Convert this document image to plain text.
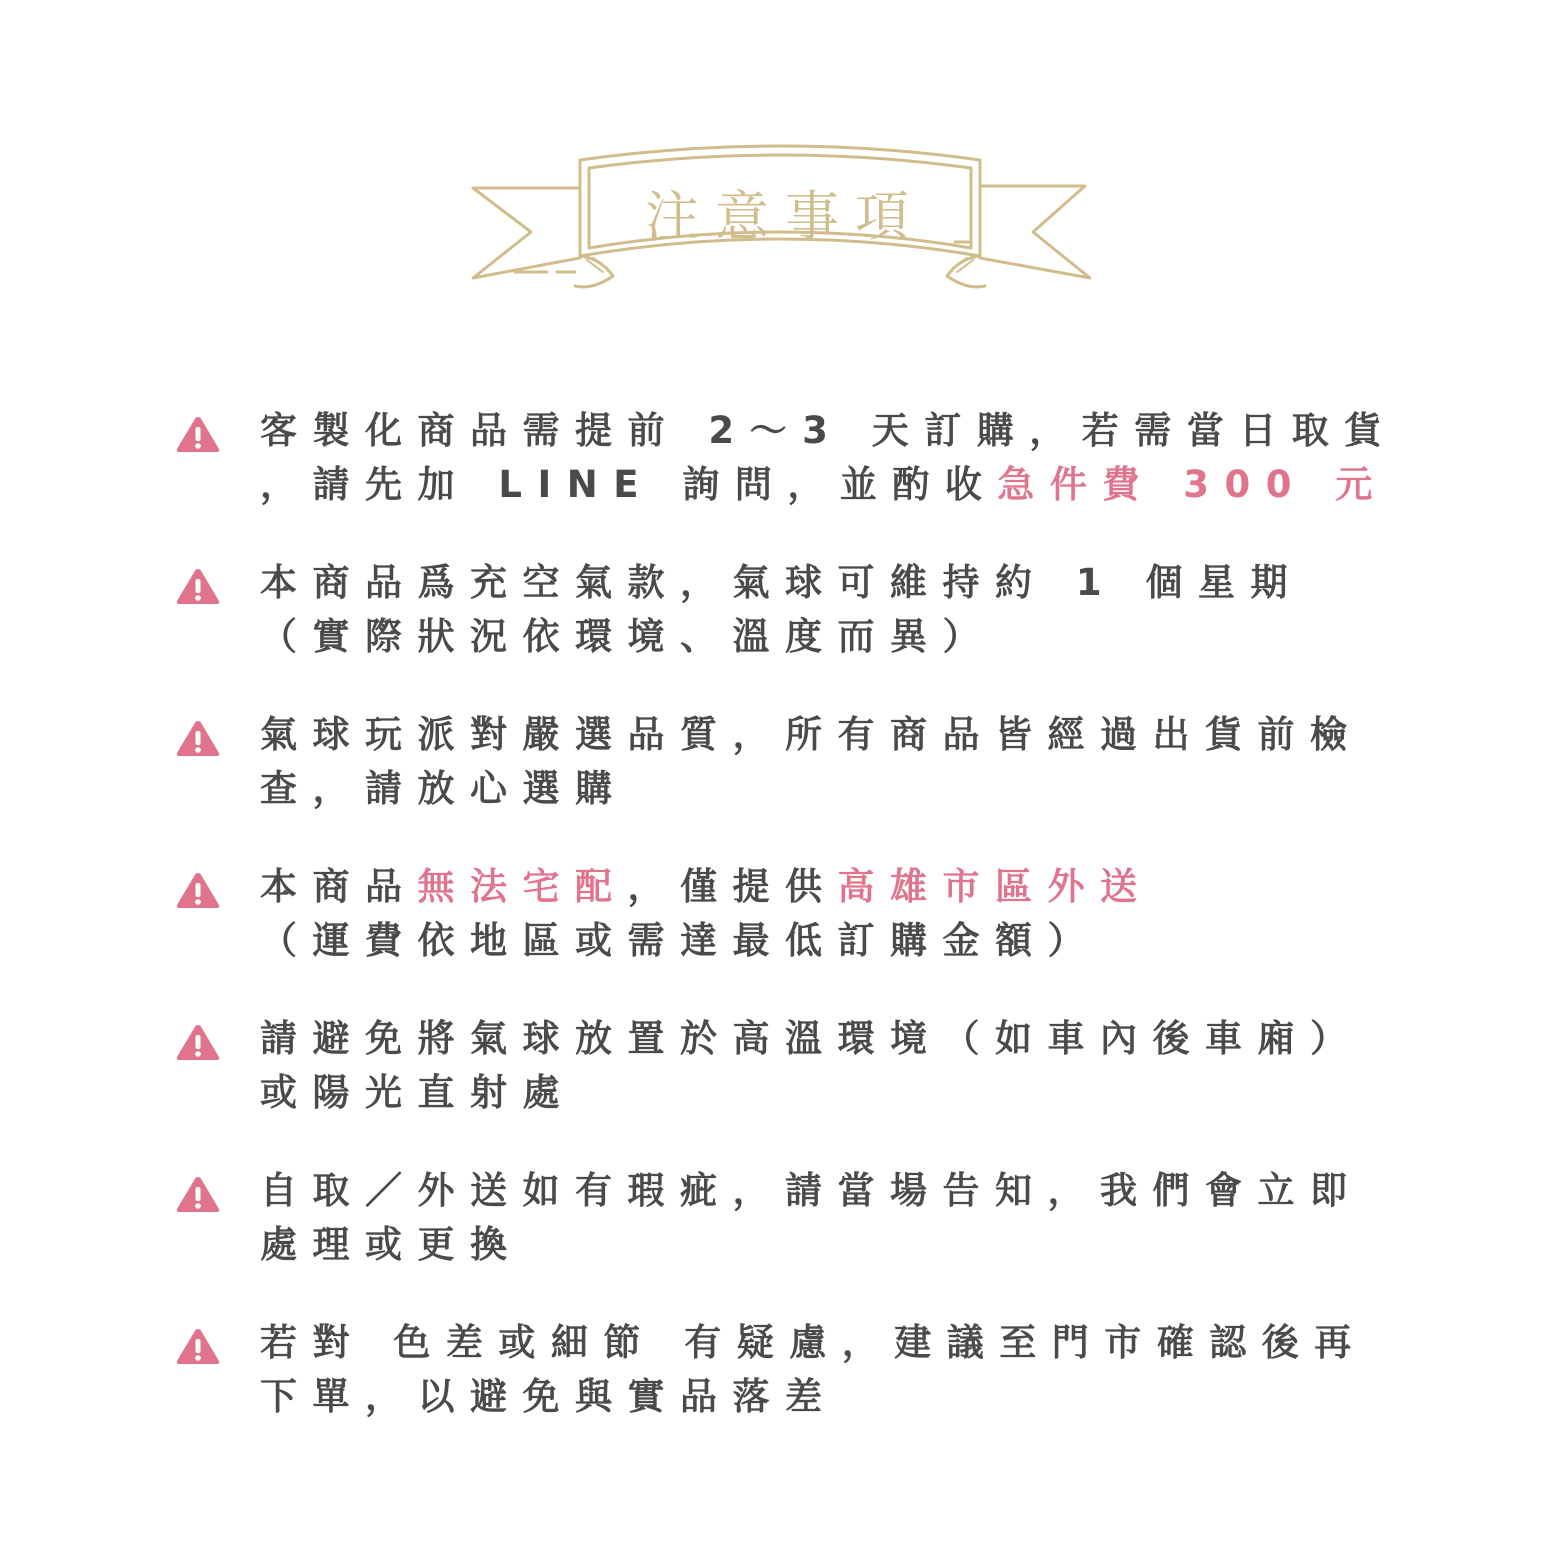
注意事項
客製化商品需提前 2～3 天訂購，若需當日取貨
，請先加 LINE 詢問，並酌收急件費 300 元
本商品爲充空氣款，氣球可維持約 1 個星期
（實際狀況依環境、溫度而異）
氣球玩派對嚴選品質，所有商品皆經過出貨前檢
查，請放心選購
本商品無法宅配，僅提供高雄市區外送
（運費依地區或需達最低訂購金額）
請避免將氣球放置於高溫環境（如車內後車廂）
或陽光直射處
自取／外送如有瑕疵，請當場告知，我們會立即
處理或更換
若對 色差或細節 有疑慮，建議至門市確認後再
下單，以避免與實品落差
